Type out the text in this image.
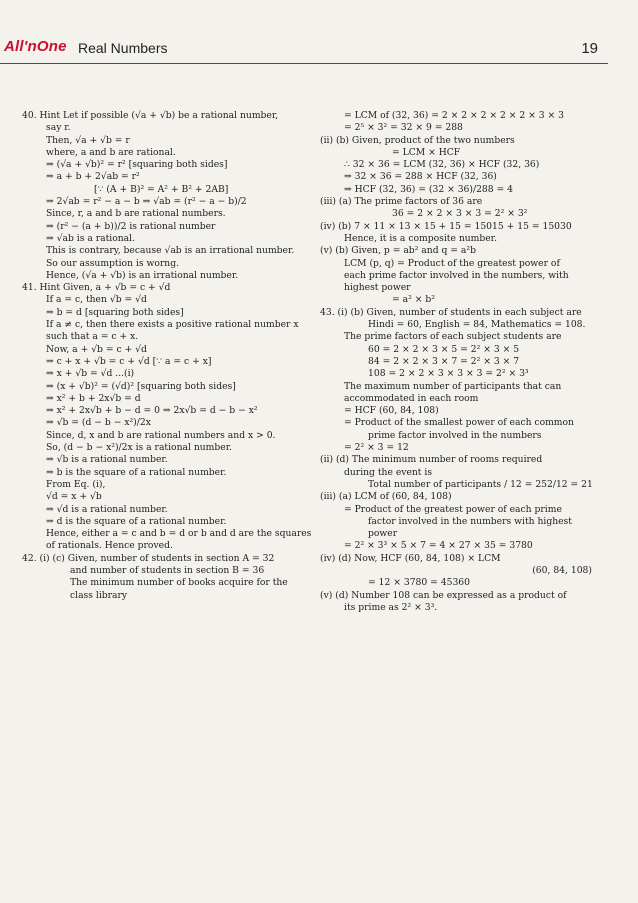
All'nOne Real Numbers	19
40. Hint Let if possible (√a + √b) be a rational number,
say r.
Then, √a + √b = r
where, a and b are rational.
⇒ (√a + √b)² = r² [squaring both sides]
⇒ a + b + 2√ab = r²
[∵ (A + B)² = A² + B² + 2AB]
⇒ 2√ab = r² − a − b ⇒ √ab = (r² − a − b)/2
Since, r, a and b are rational numbers.
⇒ (r² − (a + b))/2 is rational number
⇒ √ab is a rational.
This is contrary, because √ab is an irrational number.
So our assumption is worng.
Hence, (√a + √b) is an irrational number.
41. Hint Given, a + √b = c + √d
If a = c, then √b = √d
⇒ b = d [squaring both sides]
If a ≠ c, then there exists a positive rational number x
such that a = c + x.
Now, a + √b = c + √d
⇒ c + x + √b = c + √d [∵ a = c + x]
⇒ x + √b = √d ...(i)
⇒ (x + √b)² = (√d)² [squaring both sides]
⇒ x² + b + 2x√b = d
⇒ x² + 2x√b + b − d = 0 ⇒ 2x√b = d − b − x²
⇒ √b = (d − b − x²)/2x
Since, d, x and b are rational numbers and x > 0.
So, (d − b − x²)/2x is a rational number.
⇒ √b is a rational number.
⇒ b is the square of a rational number.
From Eq. (i),
√d = x + √b
⇒ √d is a rational number.
⇒ d is the square of a rational number.
Hence, either a = c and b = d or b and d are the squares
of rationals. Hence proved.
42. (i) (c) Given, number of students in section A = 32
and number of students in section B = 36
The minimum number of books acquire for the
class library
= LCM of (32, 36) = 2 × 2 × 2 × 2 × 2 × 3 × 3
= 2⁵ × 3² = 32 × 9 = 288
(ii) (b) Given, product of the two numbers
= LCM × HCF
∴ 32 × 36 = LCM (32, 36) × HCF (32, 36)
⇒ 32 × 36 = 288 × HCF (32, 36)
⇒ HCF (32, 36) = (32 × 36)/288 = 4
(iii) (a) The prime factors of 36 are
36 = 2 × 2 × 3 × 3 = 2² × 3²
(iv) (b) 7 × 11 × 13 × 15 + 15 = 15015 + 15 = 15030
Hence, it is a composite number.
(v) (b) Given, p = ab² and q = a²b
LCM (p, q) = Product of the greatest power of
each prime factor involved in the numbers, with
highest power
= a² × b²
43. (i) (b) Given, number of students in each subject are
Hindi = 60, English = 84, Mathematics = 108.
The prime factors of each subject students are
60 = 2 × 2 × 3 × 5 = 2² × 3 × 5
84 = 2 × 2 × 3 × 7 = 2² × 3 × 7
108 = 2 × 2 × 3 × 3 × 3 = 2² × 3³
The maximum number of participants that can
accommodated in each room
= HCF (60, 84, 108)
= Product of the smallest power of each common
prime factor involved in the numbers
= 2² × 3 = 12
(ii) (d) The minimum number of rooms required
during the event is
Total number of participants / 12 = 252/12 = 21
(iii) (a) LCM of (60, 84, 108)
= Product of the greatest power of each prime
factor involved in the numbers with highest
power
= 2² × 3³ × 5 × 7 = 4 × 27 × 35 = 3780
(iv) (d) Now, HCF (60, 84, 108) × LCM
(60, 84, 108)
= 12 × 3780 = 45360
(v) (d) Number 108 can be expressed as a product of
its prime as 2² × 3³.
